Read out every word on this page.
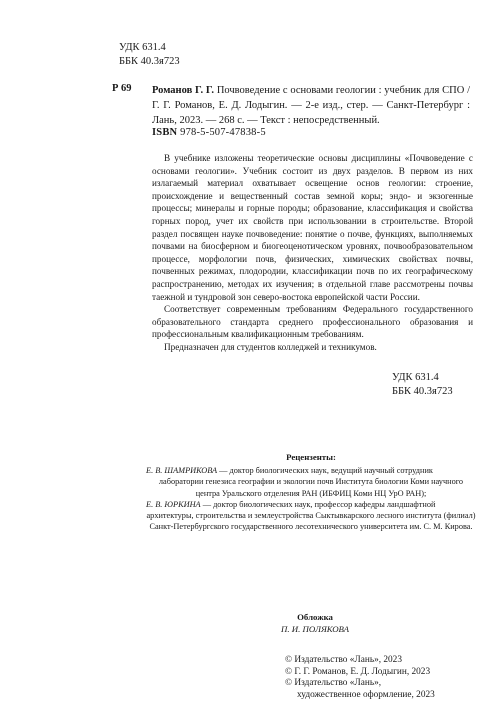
УДК 631.4
ББК 40.3я723
Р 69 Романов Г. Г. Почвоведение с основами геологии : учебник для СПО / Г. Г. Романов, Е. Д. Лодыгин. — 2-е изд., стер. — Санкт-Петербург : Лань, 2023. — 268 с. — Текст : непосредственный.
ISBN 978-5-507-47838-5

В учебнике изложены теоретические основы дисциплины «Почвоведение с основами геологии». Учебник состоит из двух разделов. В первом из них излагаемый материал охватывает освещение основ геологии: строение, происхождение и вещественный состав земной коры; эндо- и экзогенные процессы; минералы и горные породы; образование, классификация и свойства горных пород, учет их свойств при использовании в строительстве. Второй раздел посвящен науке почвоведение: понятие о почве, функциях, выполняемых почвами на биосферном и биогеоценотическом уровнях, почвообразовательном процессе, морфологии почв, физических, химических свойствах почвы, почвенных режимах, плодородии, классификации почв по их географическому распространению, методах их изучения; в отдельной главе рассмотрены почвы таежной и тундровой зон северо-востока европейской части России.

Соответствует современным требованиям Федерального государственного образовательного стандарта среднего профессионального образования и профессиональным квалификационным требованиям.

Предназначен для студентов колледжей и техникумов.

УДК 631.4
ББК 40.3я723
Рецензенты:
Е. В. ШАМРИКОВА — доктор биологических наук, ведущий научный сотрудник
лаборатории генезиса географии и экологии почв Института биологии Коми научного центра Уральского отделения РАН (ИБФИЦ Коми НЦ УрО РАН);
Е. В. ЮРКИНА — доктор биологических наук, профессор кафедры ландшафтной
архитектуры, строительства и землеустройства Сыктывкарского лесного института (филиал) Санкт-Петербургского государственного лесотехнического университета им. С. М. Кирова.
Обложка
П. И. ПОЛЯКОВА
© Издательство «Лань», 2023
© Г. Г. Романов, Е. Д. Лодыгин, 2023
© Издательство «Лань»,
художественное оформление, 2023
